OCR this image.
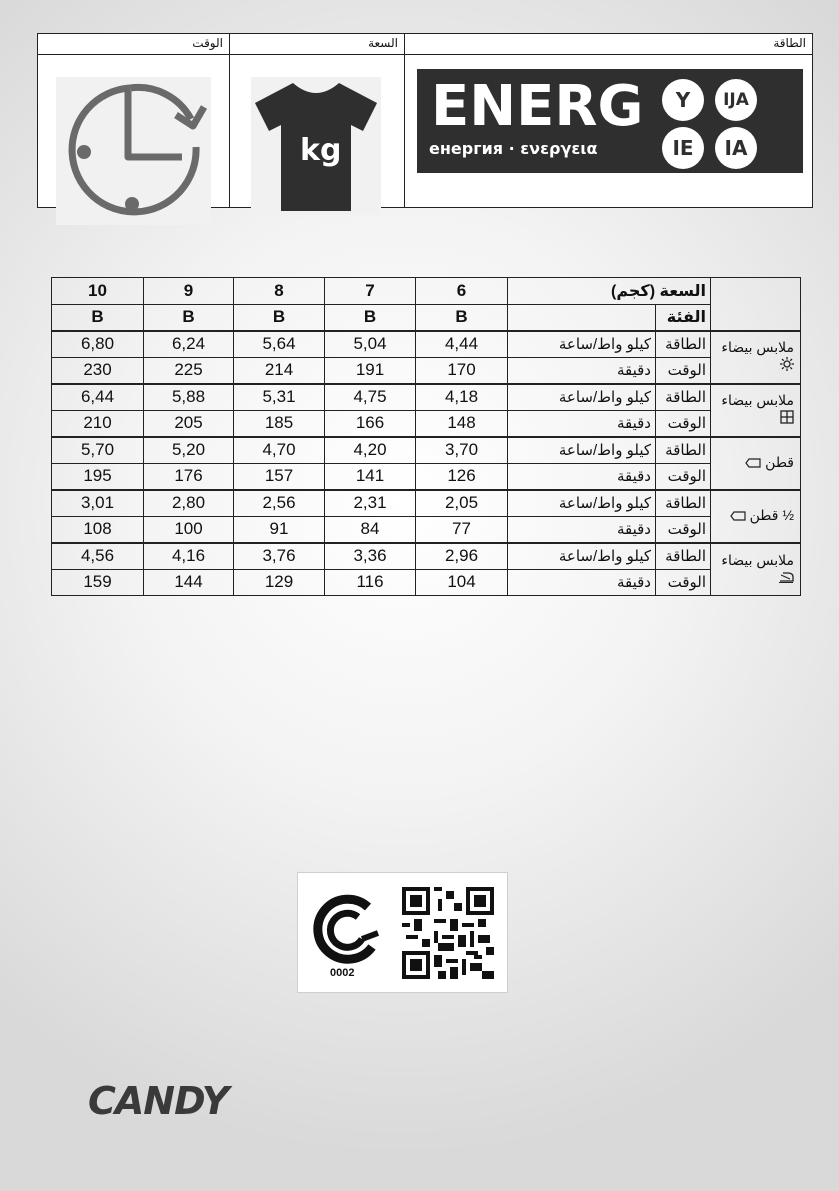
الوقت	السعة	الطاقة
kg
ENERG
енергия · ενεργεια
Y	IJA
IE	IA
10	9	8	7	6	السعة (كجم)		
B	B	B	B	B		الفئة	
6,80	6,24	5,64	5,04	4,44	كيلو واط/ساعة	الطاقة	ملابس بيضاء
230	225	214	191	170	دقيقة	الوقت	
6,44	5,88	5,31	4,75	4,18	كيلو واط/ساعة	الطاقة	ملابس بيضاء
210	205	185	166	148	دقيقة	الوقت	
5,70	5,20	4,70	4,20	3,70	كيلو واط/ساعة	الطاقة	قطن
195	176	157	141	126	دقيقة	الوقت	
3,01	2,80	2,56	2,31	2,05	كيلو واط/ساعة	الطاقة	½ قطن
108	100	91	84	77	دقيقة	الوقت	
4,56	4,16	3,76	3,36	2,96	كيلو واط/ساعة	الطاقة	ملابس بيضاء
159	144	129	116	104	دقيقة	الوقت	
0002
CANDY
